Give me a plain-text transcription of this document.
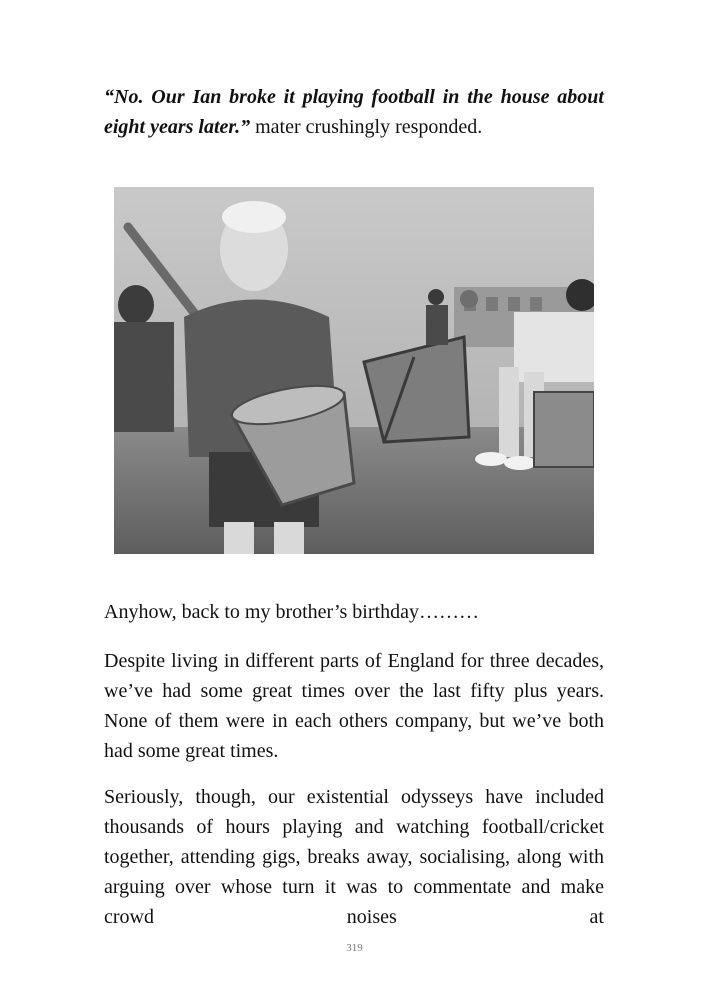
“No. Our Ian broke it playing football in the house about eight years later.” mater crushingly responded.
Anyhow, back to my brother’s birthday………
Despite living in different parts of England for three decades, we’ve had some great times over the last fifty plus years. None of them were in each others company, but we’ve both had some great times.
Seriously, though, our existential odysseys have included thousands of hours playing and watching football/cricket together, attending gigs, breaks away, socialising, along with arguing over whose turn it was to commentate and make crowd noises at
319
